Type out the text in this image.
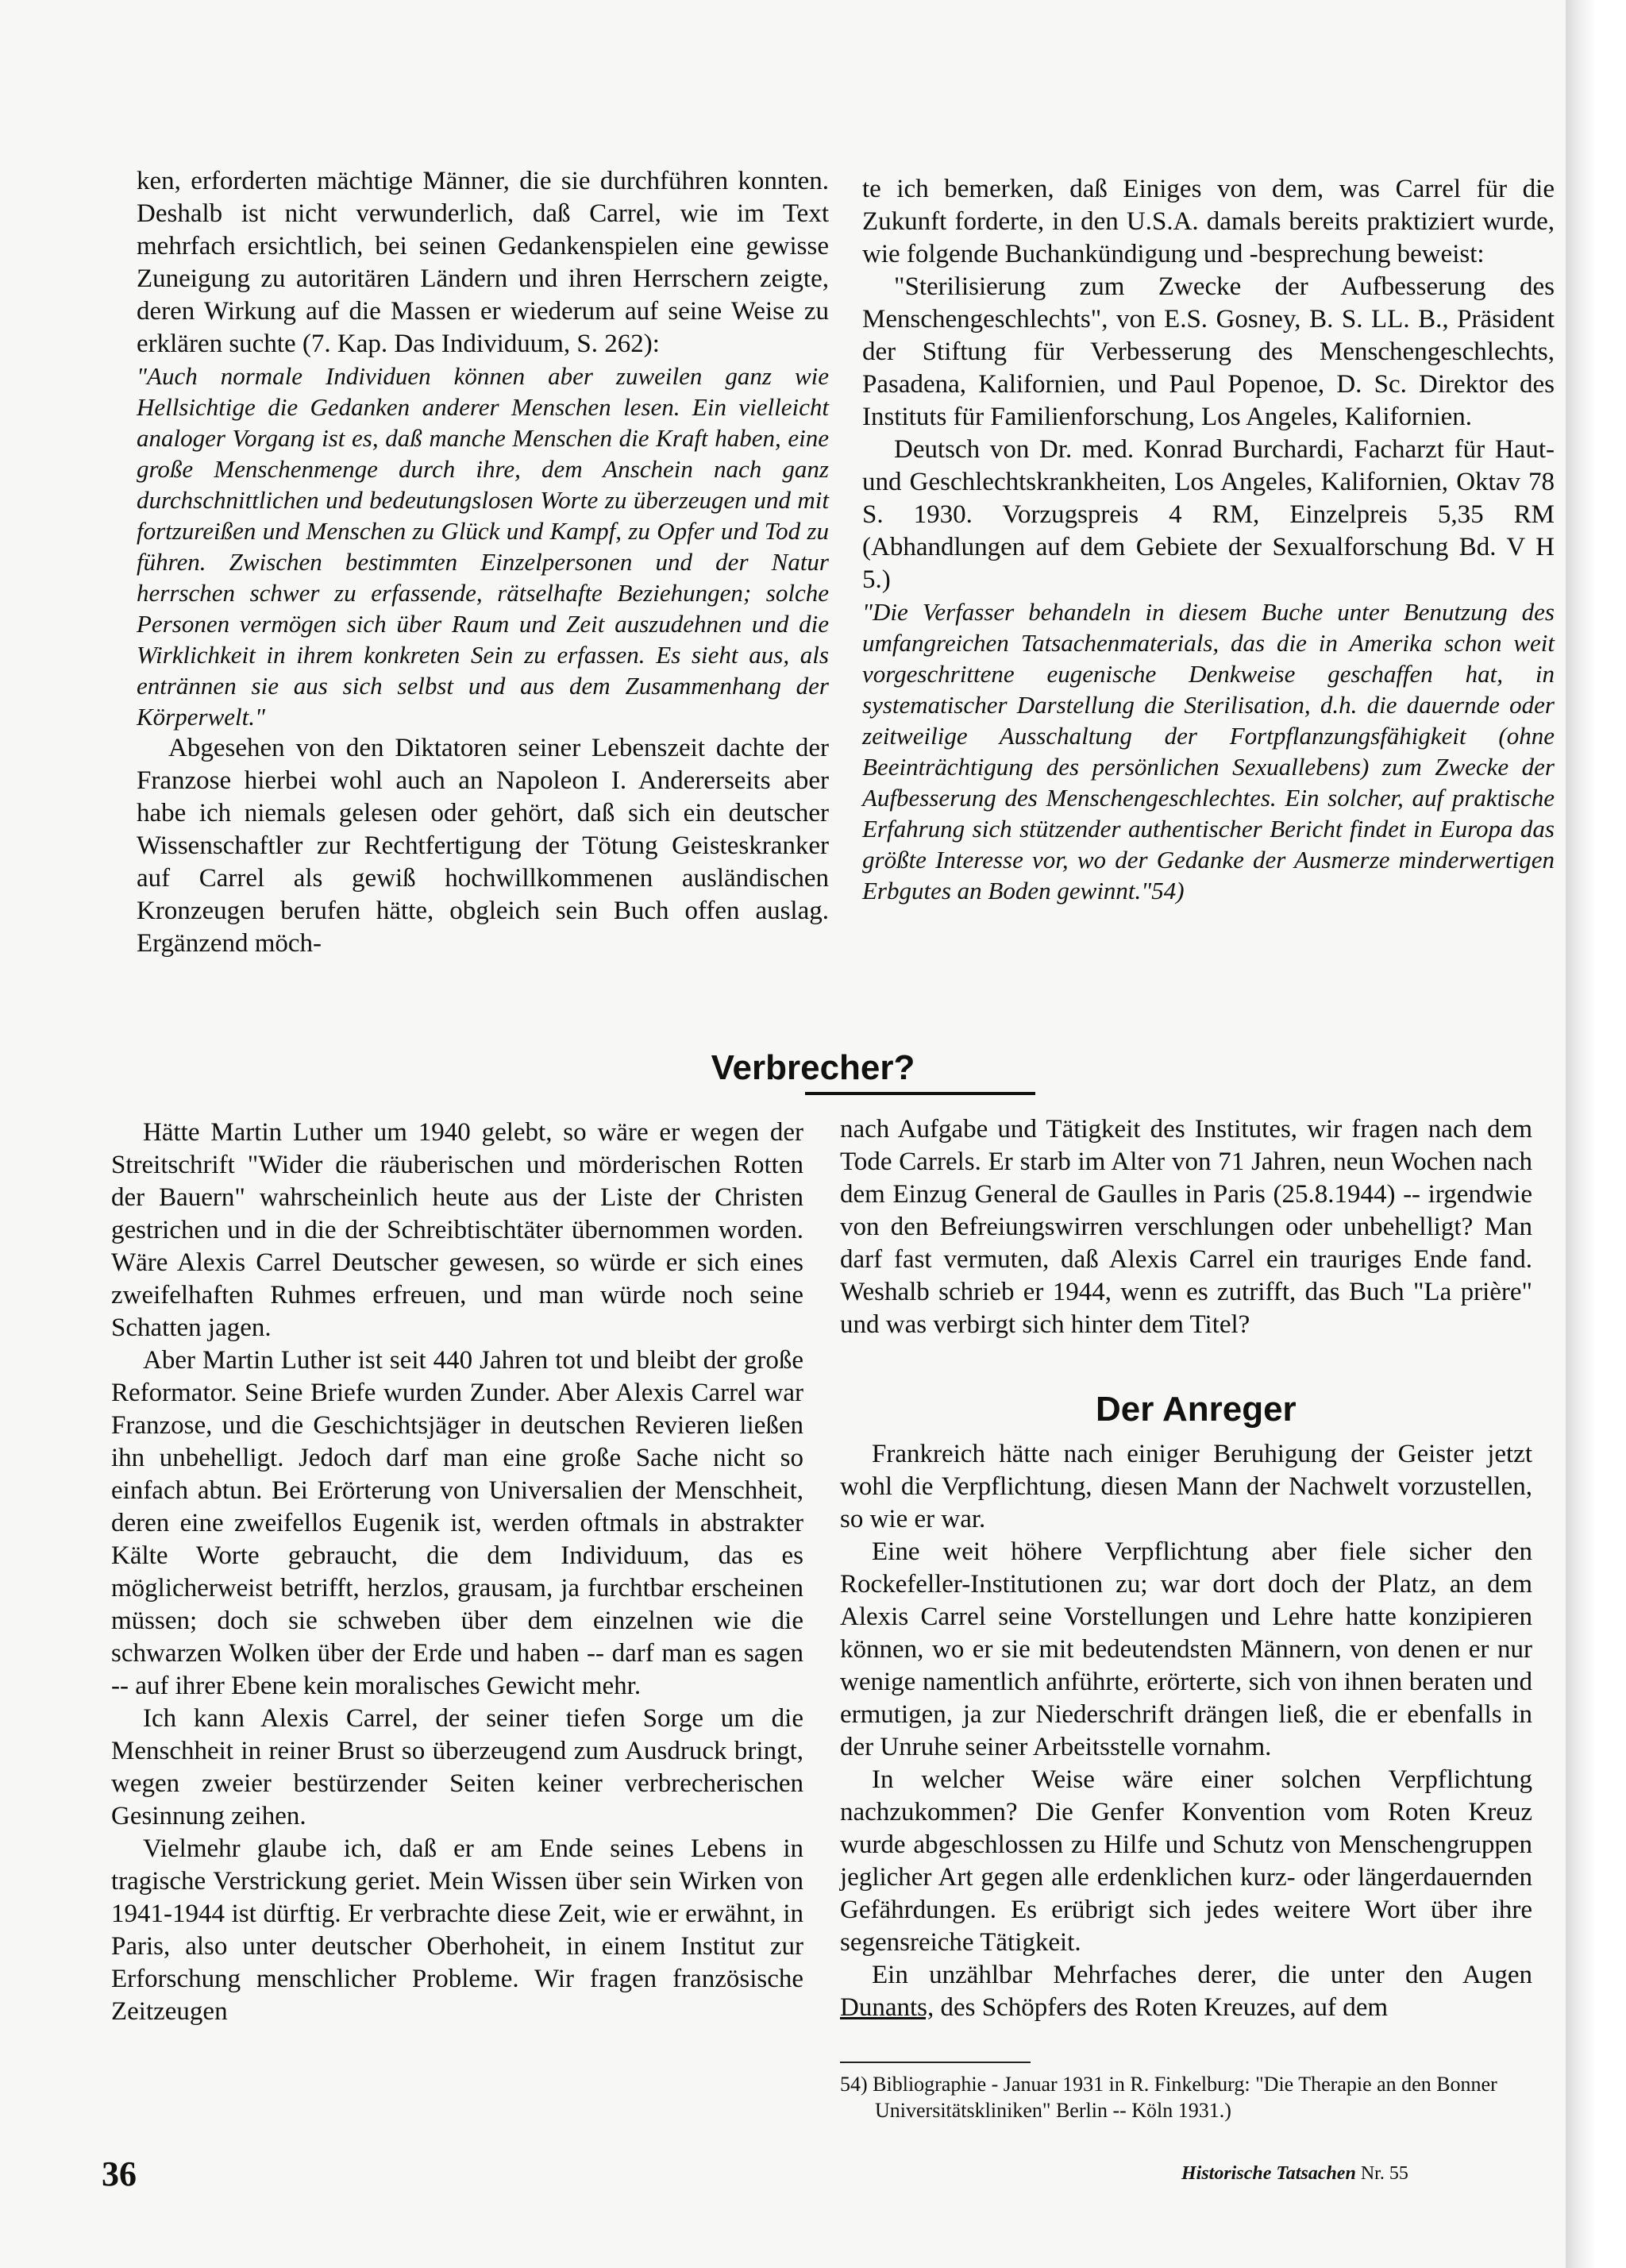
ken, erforderten mächtige Männer, die sie durchführen konnten. Deshalb ist nicht verwunderlich, daß Carrel, wie im Text mehrfach ersichtlich, bei seinen Gedankenspielen eine gewisse Zuneigung zu autoritären Ländern und ihren Herrschern zeigte, deren Wirkung auf die Massen er wiederum auf seine Weise zu erklären suchte (7. Kap. Das Individuum, S. 262):

"Auch normale Individuen können aber zuweilen ganz wie Hellsichtige die Gedanken anderer Menschen lesen. Ein vielleicht analoger Vorgang ist es, daß manche Menschen die Kraft haben, eine große Menschenmenge durch ihre, dem Anschein nach ganz durchschnittlichen und bedeutungslosen Worte zu überzeugen und mit fortzureißen und Menschen zu Glück und Kampf, zu Opfer und Tod zu führen. Zwischen bestimmten Einzelpersonen und der Natur herrschen schwer zu erfassende, rätselhafte Beziehungen; solche Personen vermögen sich über Raum und Zeit auszudehnen und die Wirklichkeit in ihrem konkreten Sein zu erfassen. Es sieht aus, als entrännen sie aus sich selbst und aus dem Zusammenhang der Körperwelt."

Abgesehen von den Diktatoren seiner Lebenszeit dachte der Franzose hierbei wohl auch an Napoleon I. Andererseits aber habe ich niemals gelesen oder gehört, daß sich ein deutscher Wissenschaftler zur Rechtfertigung der Tötung Geisteskranker auf Carrel als gewiß hochwillkommenen ausländischen Kronzeugen berufen hätte, obgleich sein Buch offen auslag. Ergänzend möch-

te ich bemerken, daß Einiges von dem, was Carrel für die Zukunft forderte, in den U.S.A. damals bereits praktiziert wurde, wie folgende Buchankündigung und -besprechung beweist:

"Sterilisierung zum Zwecke der Aufbesserung des Menschengeschlechts", von E.S. Gosney, B. S. LL. B., Präsident der Stiftung für Verbesserung des Menschengeschlechts, Pasadena, Kalifornien, und Paul Popenoe, D. Sc. Direktor des Instituts für Familienforschung, Los Angeles, Kalifornien.

Deutsch von Dr. med. Konrad Burchardi, Facharzt für Haut- und Geschlechtskrankheiten, Los Angeles, Kalifornien, Oktav 78 S. 1930. Vorzugspreis 4 RM, Einzelpreis 5,35 RM (Abhandlungen auf dem Gebiete der Sexualforschung Bd. V H 5.)

"Die Verfasser behandeln in diesem Buche unter Benutzung des umfangreichen Tatsachenmaterials, das die in Amerika schon weit vorgeschrittene eugenische Denkweise geschaffen hat, in systematischer Darstellung die Sterilisation, d.h. die dauernde oder zeitweilige Ausschaltung der Fortpflanzungsfähigkeit (ohne Beeinträchtigung des persönlichen Sexuallebens) zum Zwecke der Aufbesserung des Menschengeschlechtes. Ein solcher, auf praktische Erfahrung sich stützender authentischer Bericht findet in Europa das größte Interesse vor, wo der Gedanke der Ausmerze minderwertigen Erbgutes an Boden gewinnt."54)

Verbrecher?

Hätte Martin Luther um 1940 gelebt, so wäre er wegen der Streitschrift "Wider die räuberischen und mörderischen Rotten der Bauern" wahrscheinlich heute aus der Liste der Christen gestrichen und in die der Schreibtischtäter übernommen worden. Wäre Alexis Carrel Deutscher gewesen, so würde er sich eines zweifelhaften Ruhmes erfreuen, und man würde noch seine Schatten jagen.

Aber Martin Luther ist seit 440 Jahren tot und bleibt der große Reformator. Seine Briefe wurden Zunder. Aber Alexis Carrel war Franzose, und die Geschichtsjäger in deutschen Revieren ließen ihn unbehelligt. Jedoch darf man eine große Sache nicht so einfach abtun. Bei Erörterung von Universalien der Menschheit, deren eine zweifellos Eugenik ist, werden oftmals in abstrakter Kälte Worte gebraucht, die dem Individuum, das es möglicherweist betrifft, herzlos, grausam, ja furchtbar erscheinen müssen; doch sie schweben über dem einzelnen wie die schwarzen Wolken über der Erde und haben -- darf man es sagen -- auf ihrer Ebene kein moralisches Gewicht mehr.

Ich kann Alexis Carrel, der seiner tiefen Sorge um die Menschheit in reiner Brust so überzeugend zum Ausdruck bringt, wegen zweier bestürzender Seiten keiner verbrecherischen Gesinnung zeihen.

Vielmehr glaube ich, daß er am Ende seines Lebens in tragische Verstrickung geriet. Mein Wissen über sein Wirken von 1941-1944 ist dürftig. Er verbrachte diese Zeit, wie er erwähnt, in Paris, also unter deutscher Oberhoheit, in einem Institut zur Erforschung menschlicher Probleme. Wir fragen französische Zeitzeugen

nach Aufgabe und Tätigkeit des Institutes, wir fragen nach dem Tode Carrels. Er starb im Alter von 71 Jahren, neun Wochen nach dem Einzug General de Gaulles in Paris (25.8.1944) -- irgendwie von den Befreiungswirren verschlungen oder unbehelligt? Man darf fast vermuten, daß Alexis Carrel ein trauriges Ende fand. Weshalb schrieb er 1944, wenn es zutrifft, das Buch "La prière" und was verbirgt sich hinter dem Titel?

Der Anreger

Frankreich hätte nach einiger Beruhigung der Geister jetzt wohl die Verpflichtung, diesen Mann der Nachwelt vorzustellen, so wie er war.

Eine weit höhere Verpflichtung aber fiele sicher den Rockefeller-Institutionen zu; war dort doch der Platz, an dem Alexis Carrel seine Vorstellungen und Lehre hatte konzipieren können, wo er sie mit bedeutendsten Männern, von denen er nur wenige namentlich anführte, erörterte, sich von ihnen beraten und ermutigen, ja zur Niederschrift drängen ließ, die er ebenfalls in der Unruhe seiner Arbeitsstelle vornahm.

In welcher Weise wäre einer solchen Verpflichtung nachzukommen? Die Genfer Konvention vom Roten Kreuz wurde abgeschlossen zu Hilfe und Schutz von Menschengruppen jeglicher Art gegen alle erdenklichen kurz- oder längerdauernden Gefährdungen. Es erübrigt sich jedes weitere Wort über ihre segensreiche Tätigkeit.

Ein unzählbar Mehrfaches derer, die unter den Augen Dunants, des Schöpfers des Roten Kreuzes, auf dem

54) Bibliographie - Januar 1931 in R. Finkelburg: "Die Therapie an den Bonner

Universitätskliniken" Berlin -- Köln 1931.)

36	Historische Tatsachen Nr. 55
